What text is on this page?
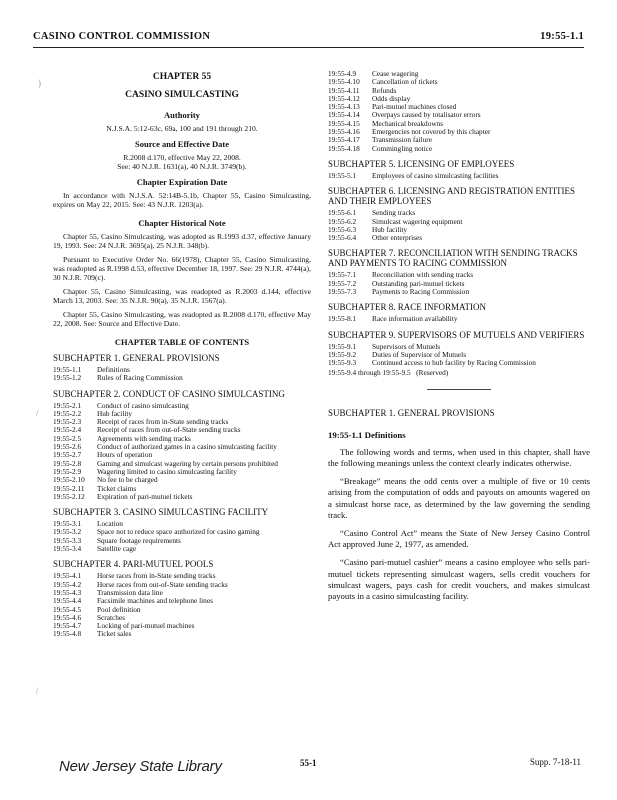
CASINO CONTROL COMMISSION	19:55-1.1
)
/
/
CHAPTER 55
CASINO SIMULCASTING
Authority
N.J.S.A. 5:12-63c, 69a, 100 and 191 through 210.
Source and Effective Date
R.2008 d.170, effective May 22, 2008.
See: 40 N.J.R. 1631(a), 40 N.J.R. 3749(b).
Chapter Expiration Date
In accordance with N.J.S.A. 52:14B-5.1b, Chapter 55, Casino Simulcasting, expires on May 22, 2015. See: 43 N.J.R. 1203(a).
Chapter Historical Note
Chapter 55, Casino Simulcasting, was adopted as R.1993 d.37, effective January 19, 1993. See: 24 N.J.R. 3695(a), 25 N.J.R. 348(b).
Pursuant to Executive Order No. 66(1978), Chapter 55, Casino Simulcasting, was readopted as R.1998 d.53, effective December 18, 1997. See: 29 N.J.R. 4744(a), 30 N.J.R. 709(c).
Chapter 55, Casino Simulcasting, was readopted as R.2003 d.144, effective March 13, 2003. See: 35 N.J.R. 90(a), 35 N.J.R. 1567(a).
Chapter 55, Casino Simulcasting, was readopted as R.2008 d.170, effective May 22, 2008. See: Source and Effective Date.
CHAPTER TABLE OF CONTENTS
SUBCHAPTER 1. GENERAL PROVISIONS
19:55-1.1	Definitions
19:55-1.2	Rules of Racing Commission
SUBCHAPTER 2. CONDUCT OF CASINO SIMULCASTING
19:55-2.1	Conduct of casino simulcasting
19:55-2.2	Hub facility
19:55-2.3	Receipt of races from in-State sending tracks
19:55-2.4	Receipt of races from out-of-State sending tracks
19:55-2.5	Agreements with sending tracks
19:55-2.6	Conduct of authorized games in a casino simulcasting facility
19:55-2.7	Hours of operation
19:55-2.8	Gaming and simulcast wagering by certain persons prohibited
19:55-2.9	Wagering limited to casino simulcasting facility
19:55-2.10	No fee to be charged
19:55-2.11	Ticket claims
19:55-2.12	Expiration of pari-mutuel tickets
SUBCHAPTER 3. CASINO SIMULCASTING FACILITY
19:55-3.1	Location
19:55-3.2	Space not to reduce space authorized for casino gaming
19:55-3.3	Square footage requirements
19:55-3.4	Satellite cage
SUBCHAPTER 4. PARI-MUTUEL POOLS
19:55-4.1	Horse races from in-State sending tracks
19:55-4.2	Horse races from out-of-State sending tracks
19:55-4.3	Transmission data line
19:55-4.4	Facsimile machines and telephone lines
19:55-4.5	Pool definition
19:55-4.6	Scratches
19:55-4.7	Locking of pari-mutuel machines
19:55-4.8	Ticket sales
19:55-4.9	Cease wagering
19:55-4.10	Cancellation of tickets
19:55-4.11	Refunds
19:55-4.12	Odds display
19:55-4.13	Pari-mutuel machines closed
19:55-4.14	Overpays caused by totalisator errors
19:55-4.15	Mechanical breakdowns
19:55-4.16	Emergencies not covered by this chapter
19:55-4.17	Transmission failure
19:55-4.18	Commingling notice
SUBCHAPTER 5. LICENSING OF EMPLOYEES
19:55-5.1	Employees of casino simulcasting facilities
SUBCHAPTER 6. LICENSING AND REGISTRATION ENTITIES AND THEIR EMPLOYEES
19:55-6.1	Sending tracks
19:55-6.2	Simulcast wagering equipment
19:55-6.3	Hub facility
19:55-6.4	Other enterprises
SUBCHAPTER 7. RECONCILIATION WITH SENDING TRACKS AND PAYMENTS TO RACING COMMISSION
19:55-7.1	Reconciliation with sending tracks
19:55-7.2	Outstanding pari-mutuel tickets
19:55-7.3	Payments to Racing Commission
SUBCHAPTER 8. RACE INFORMATION
19:55-8.1	Race information availability
SUBCHAPTER 9. SUPERVISORS OF MUTUELS AND VERIFIERS
19:55-9.1	Supervisors of Mutuels
19:55-9.2	Duties of Supervisor of Mutuels
19:55-9.3	Continued access to hub facility by Racing Commission
19:55-9.4 through 19:55-9.5   (Reserved)
SUBCHAPTER 1. GENERAL PROVISIONS
19:55-1.1 Definitions
The following words and terms, when used in this chapter, shall have the following meanings unless the context clearly indicates otherwise.
“Breakage” means the odd cents over a multiple of five or 10 cents arising from the computation of odds and payouts on amounts wagered on a simulcast horse race, as determined by the law governing the sending track.
“Casino Control Act” means the State of New Jersey Casino Control Act approved June 2, 1977, as amended.
“Casino pari-mutuel cashier” means a casino employee who sells pari-mutuel tickets representing simulcast wagers, sells credit vouchers for simulcast wagers, pays cash for credit vouchers, and makes simulcast payouts in a casino simulcasting facility.
New Jersey State Library	55-1	Supp. 7-18-11
